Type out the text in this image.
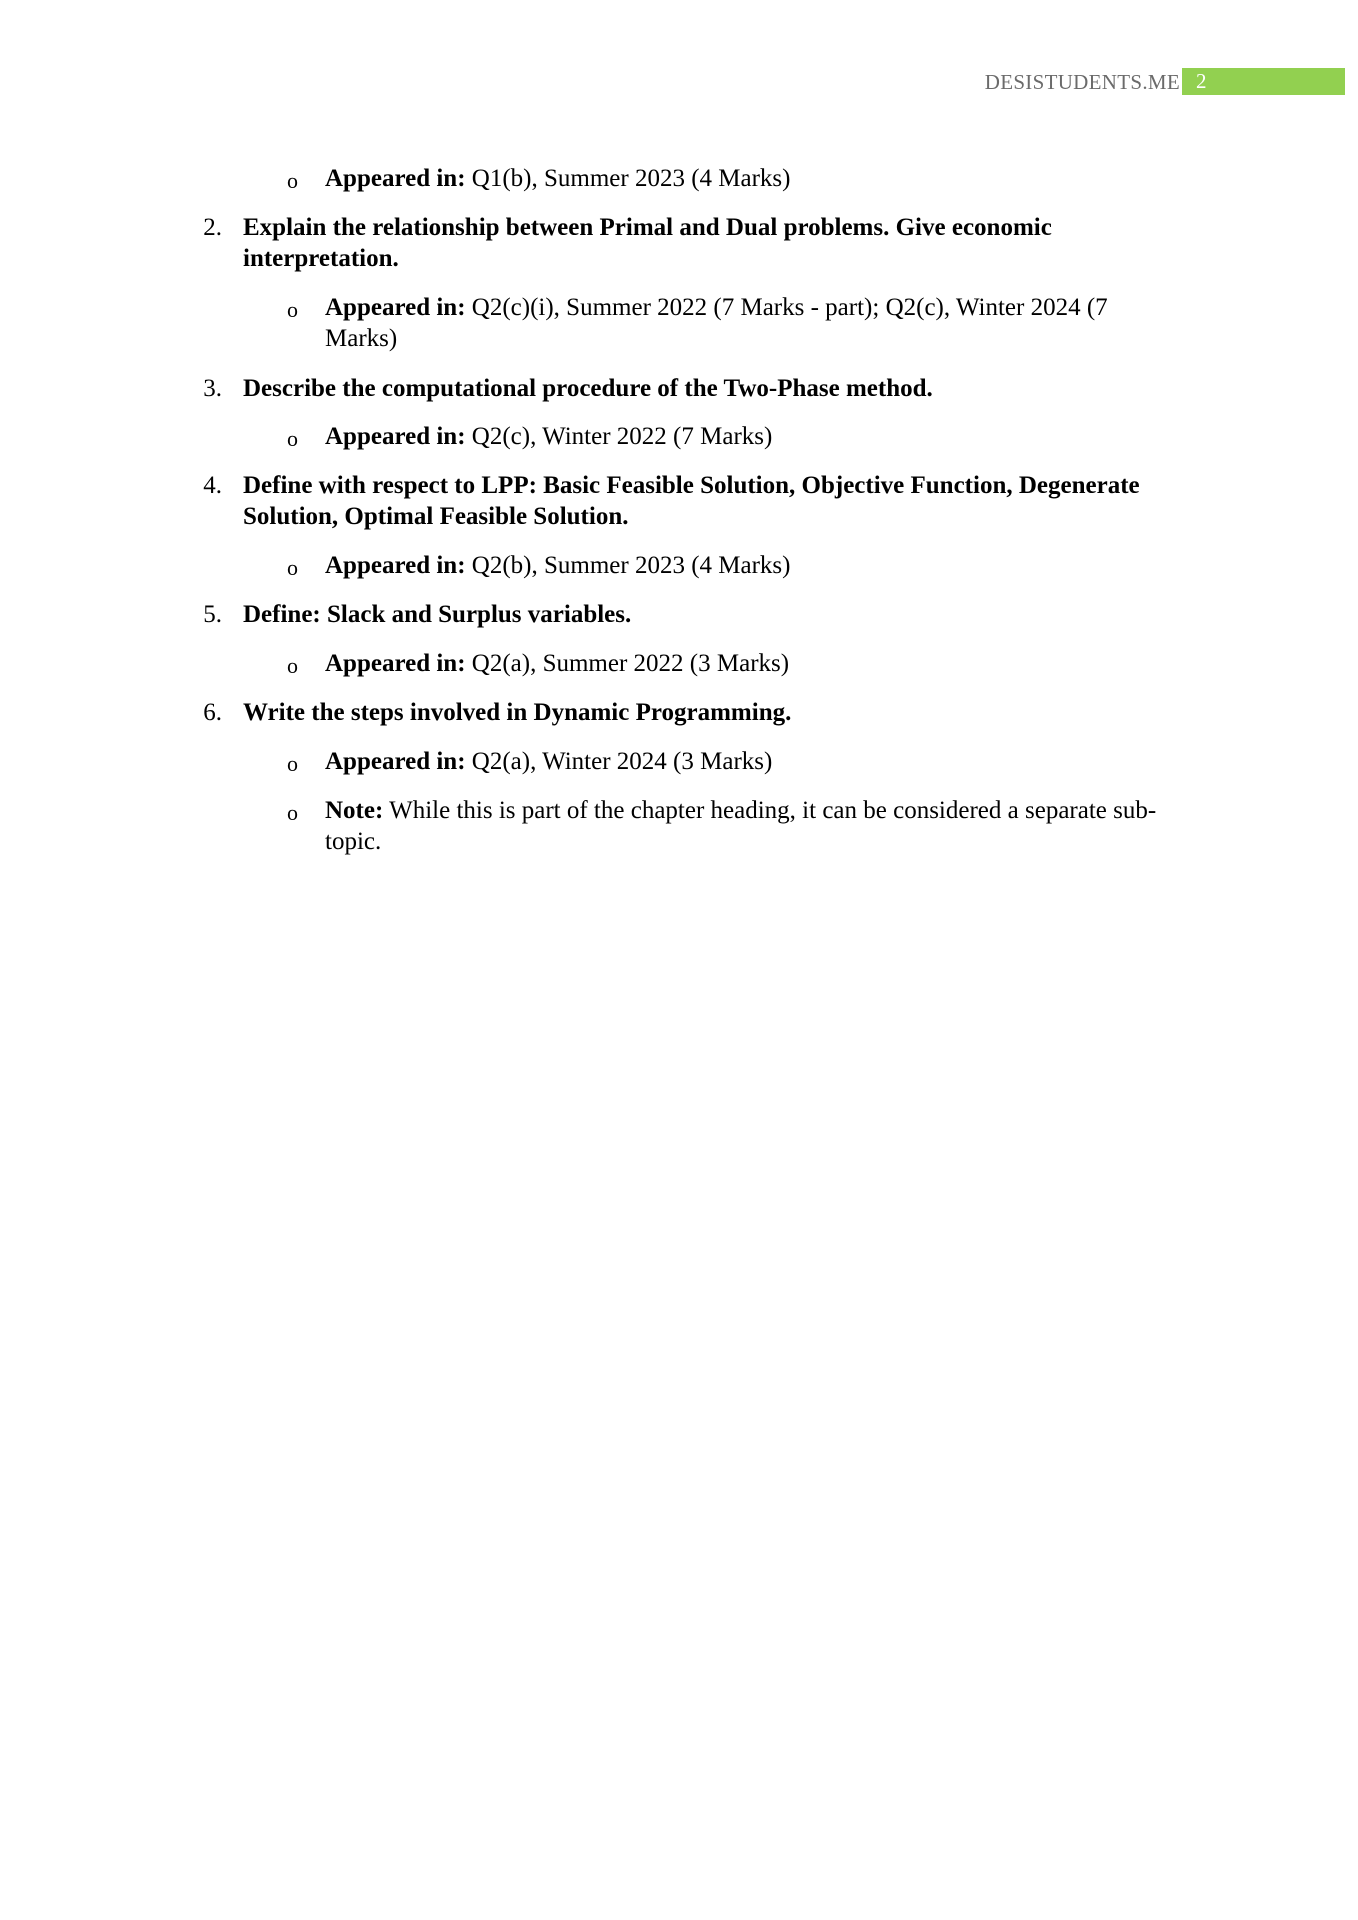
DESISTUDENTS.ME 2
o Appeared in: Q1(b), Summer 2023 (4 Marks)
2. Explain the relationship between Primal and Dual problems. Give economic interpretation.
o Appeared in: Q2(c)(i), Summer 2022 (7 Marks - part); Q2(c), Winter 2024 (7 Marks)
3. Describe the computational procedure of the Two-Phase method.
o Appeared in: Q2(c), Winter 2022 (7 Marks)
4. Define with respect to LPP: Basic Feasible Solution, Objective Function, Degenerate Solution, Optimal Feasible Solution.
o Appeared in: Q2(b), Summer 2023 (4 Marks)
5. Define: Slack and Surplus variables.
o Appeared in: Q2(a), Summer 2022 (3 Marks)
6. Write the steps involved in Dynamic Programming.
o Appeared in: Q2(a), Winter 2024 (3 Marks)
o Note: While this is part of the chapter heading, it can be considered a separate sub-topic.
